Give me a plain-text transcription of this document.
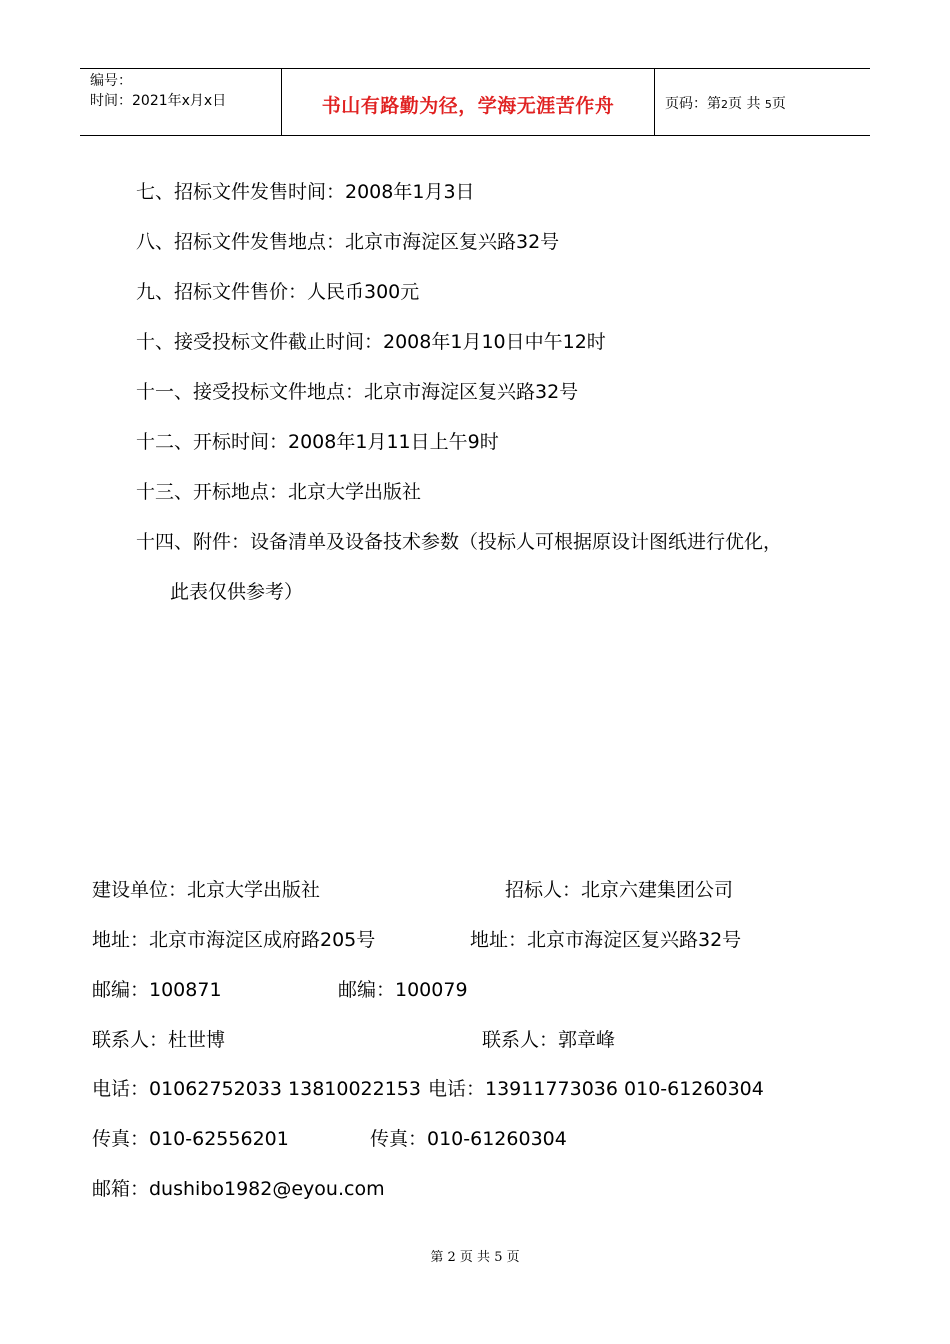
编号：
时间：2021年x月x日	书山有路勤为径，学海无涯苦作舟	页码：第2页 共 5页
七、招标文件发售时间：2008年1月3日
八、招标文件发售地点：北京市海淀区复兴路32号
九、招标文件售价：人民币300元
十、接受投标文件截止时间：2008年1月10日中午12时
十一、接受投标文件地点：北京市海淀区复兴路32号
十二、开标时间：2008年1月11日上午9时
十三、开标地点：北京大学出版社
十四、附件：设备清单及设备技术参数（投标人可根据原设计图纸进行优化，
此表仅供参考）
建设单位：北京大学出版社	招标人：北京六建集团公司
地址：北京市海淀区成府路205号	地址：北京市海淀区复兴路32号
邮编：100871	邮编：100079
联系人：杜世博	联系人：郭章峰
电话：01062752033 13810022153 电话：13911773036 010-61260304
传真：010-62556201	传真：010-61260304
邮箱：dushibo1982@eyou.com
第 2 页 共 5 页
